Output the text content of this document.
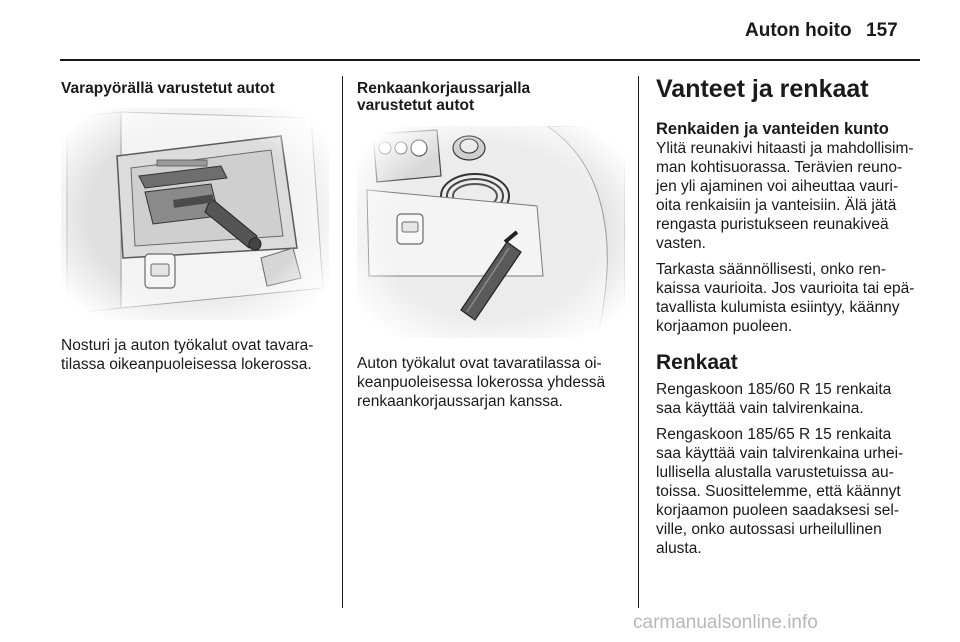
Auton hoito 157
Varapyörällä varustetut autot

Nosturi ja auton työkalut ovat tavara-

tilassa oikeanpuoleisessa lokerossa.

Renkaankorjaussarjalla
varustetut autot

Auton työkalut ovat tavaratilassa oi-

keanpuoleisessa lokerossa yhdessä

renkaankorjaussarjan kanssa.

Vanteet ja renkaat
Renkaiden ja vanteiden kunto

Ylitä reunakivi hitaasti ja mahdollisim-

man kohtisuorassa. Terävien reuno-

jen yli ajaminen voi aiheuttaa vauri-

oita renkaisiin ja vanteisiin. Älä jätä

rengasta puristukseen reunakiveä

vasten.

Tarkasta säännöllisesti, onko ren-

kaissa vaurioita. Jos vaurioita tai epä-

tavallista kulumista esiintyy, käänny

korjaamon puoleen.

Renkaat

Rengaskoon 185/60 R 15 renkaita

saa käyttää vain talvirenkaina.

Rengaskoon 185/65 R 15 renkaita

saa käyttää vain talvirenkaina urhei-

lullisella alustalla varustetuissa au-

toissa. Suosittelemme, että käännyt

korjaamon puoleen saadaksesi sel-

ville, onko autossasi urheilullinen

alusta.

carmanualsonline.info
